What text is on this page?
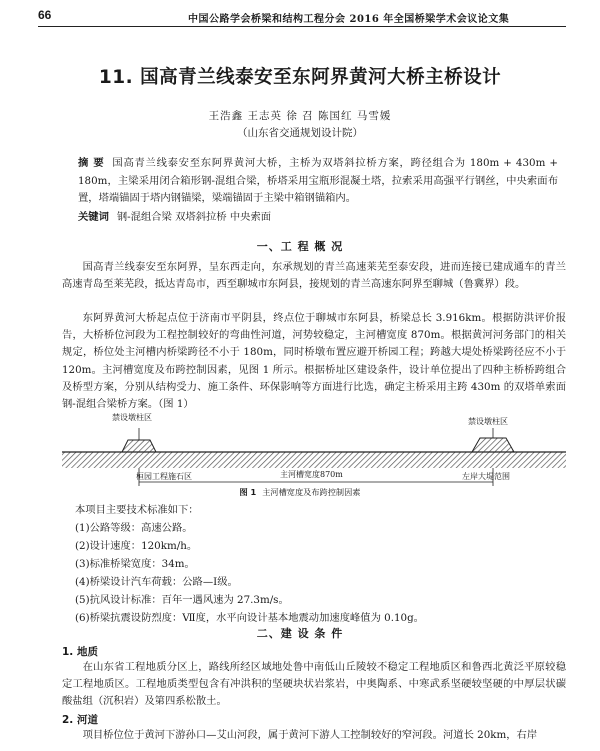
66	中国公路学会桥梁和结构工程分会 2016 年全国桥梁学术会议论文集
11. 国高青兰线泰安至东阿界黄河大桥主桥设计
王浩鑫 王志英 徐 召 陈国红 马雪媛
（山东省交通规划设计院）
摘 要 国高青兰线泰安至东阿界黄河大桥，主桥为双塔斜拉桥方案，跨径组合为 180m + 430m + 180m，主梁采用闭合箱形钢-混组合梁，桥塔采用宝瓶形混凝土塔，拉索采用高强平行钢丝，中央索面布置，塔端锚固于塔内钢锚梁，梁端锚固于主梁中箱钢锚箱内。
关键词 钢-混组合梁 双塔斜拉桥 中央索面
一、工 程 概 况

国高青兰线泰安至东阿界，呈东西走向，东承规划的青兰高速莱芜至泰安段，进而连接已建成通车的青兰高速青岛至莱芜段，抵达青岛市，西至聊城市东阿县，接规划的青兰高速东阿界至聊城（鲁冀界）段。

东阿界黄河大桥起点位于济南市平阴县，终点位于聊城市东阿县，桥梁总长 3.916km。根据防洪评价报告，大桥桥位河段为工程控制较好的弯曲性河道，河势较稳定，主河槽宽度 870m。根据黄河河务部门的相关规定，桥位处主河槽内桥梁跨径不小于 180m，同时桥墩布置应避开桥园工程；跨越大堤处桥梁跨径应不小于 120m。主河槽宽度及布跨控制因素，见图 1 所示。根据桥址区建设条件，设计单位提出了四种主桥桥跨组合及桥型方案，分别从结构受力、施工条件、环保影响等方面进行比选，确定主桥采用主跨 430m 的双塔单索面钢-混组合梁桥方案。（图 1）

禁设墩柱区	禁设墩柱区
桓园工程施石区	主河槽宽度870m	左岸大堤范围
图 1 主河槽宽度及布跨控制因素
本项目主要技术标准如下：
(1)公路等级：高速公路。
(2)设计速度：120km/h。
(3)标准桥梁宽度：34m。
(4)桥梁设计汽车荷载：公路—Ⅰ级。
(5)抗风设计标准：百年一遇风速为 27.3m/s。
(6)桥梁抗震设防烈度：Ⅶ度，水平向设计基本地震动加速度峰值为 0.10g。
二、建 设 条 件
1. 地质

在山东省工程地质分区上，路线所经区域地处鲁中南低山丘陵较不稳定工程地质区和鲁西北黄泛平原较稳定工程地质区。工程地质类型包含有冲洪积的坚硬块状岩浆岩，中奥陶系、中寒武系坚硬较坚硬的中厚层状碳酸盐组（沉积岩）及第四系松散土。

2. 河道

项目桥位位于黄河下游孙口—艾山河段，属于黄河下游人工控制较好的窄河段。河道长 20km，右岸
